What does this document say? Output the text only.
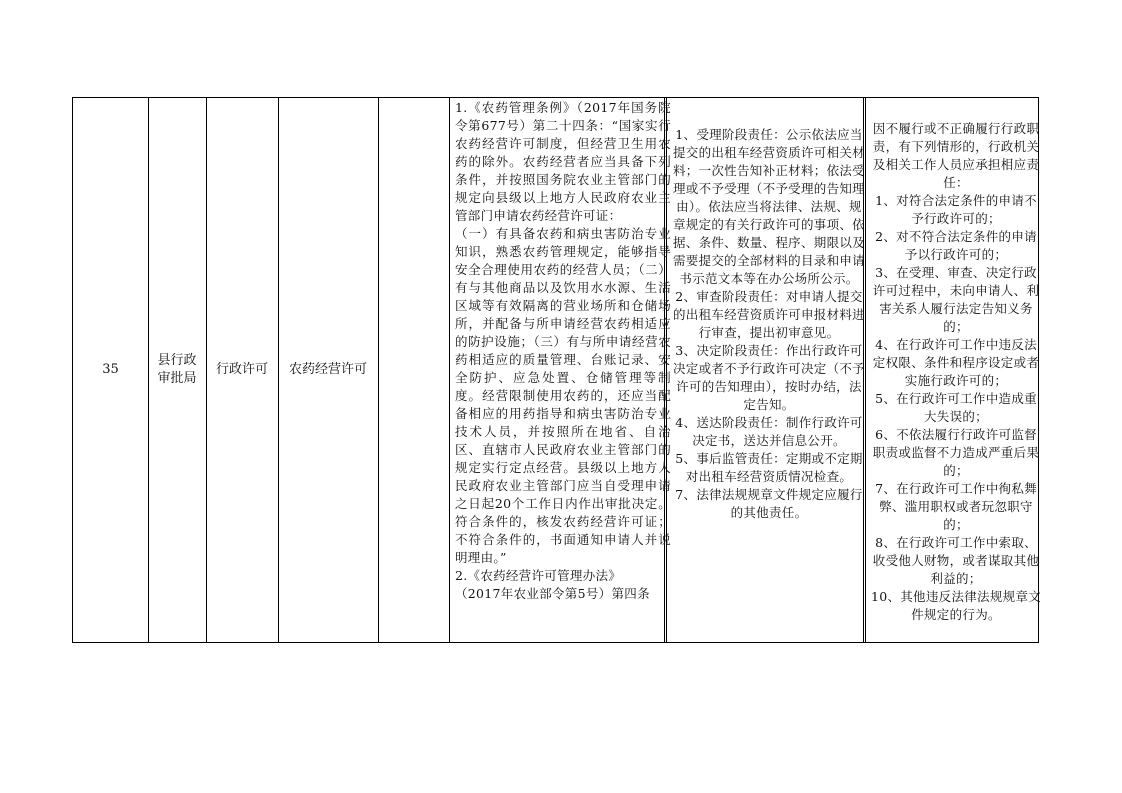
35
县行政
审批局
行政许可	农药经营许可
1.《农药管理条例》（2017年国务院令第677号）第二十四条：“国家实行农药经营许可制度，但经营卫生用农药的除外。农药经营者应当具备下列条件，并按照国务院农业主管部门的规定向县级以上地方人民政府农业主管部门申请农药经营许可证：
（一）有具备农药和病虫害防治专业知识，熟悉农药管理规定，能够指导安全合理使用农药的经营人员；（二）有与其他商品以及饮用水水源、生活区域等有效隔离的营业场所和仓储场所，并配备与所申请经营农药相适应的防护设施；（三）有与所申请经营农药相适应的质量管理、台账记录、安全防护、应急处置、仓储管理等制度。经营限制使用农药的，还应当配备相应的用药指导和病虫害防治专业技术人员，并按照所在地省、自治区、直辖市人民政府农业主管部门的规定实行定点经营。县级以上地方人民政府农业主管部门应当自受理申请之日起20个工作日内作出审批决定。符合条件的，核发农药经营许可证；不符合条件的，书面通知申请人并说明理由。”
2.《农药经营许可管理办法》
（2017年农业部令第5号）第四条
1、受理阶段责任：公示依法应当提交的出租车经营资质许可相关材料；一次性告知补正材料；依法受理或不予受理（不予受理的告知理由）。依法应当将法律、法规、规章规定的有关行政许可的事项、依据、条件、数量、程序、期限以及需要提交的全部材料的目录和申请书示范文本等在办公场所公示。
2、审查阶段责任：对申请人提交的出租车经营资质许可申报材料进行审查，提出初审意见。
3、决定阶段责任：作出行政许可决定或者不予行政许可决定（不予许可的告知理由），按时办结，法定告知。
4、送达阶段责任：制作行政许可决定书，送达并信息公开。
5、事后监管责任：定期或不定期对出租车经营资质情况检查。
7、法律法规规章文件规定应履行的其他责任。
因不履行或不正确履行行政职责，有下列情形的，行政机关及相关工作人员应承担相应责任：
1、对符合法定条件的申请不予行政许可的；
2、对不符合法定条件的申请予以行政许可的；
3、在受理、审查、决定行政许可过程中，未向申请人、利害关系人履行法定告知义务的；
4、在行政许可工作中违反法定权限、条件和程序设定或者实施行政许可的；
5、在行政许可工作中造成重大失误的；
6、不依法履行行政许可监督职责或监督不力造成严重后果的；
7、在行政许可工作中徇私舞弊、滥用职权或者玩忽职守的；
8、在行政许可工作中索取、收受他人财物，或者谋取其他利益的；
10、其他违反法律法规规章文件规定的行为。
